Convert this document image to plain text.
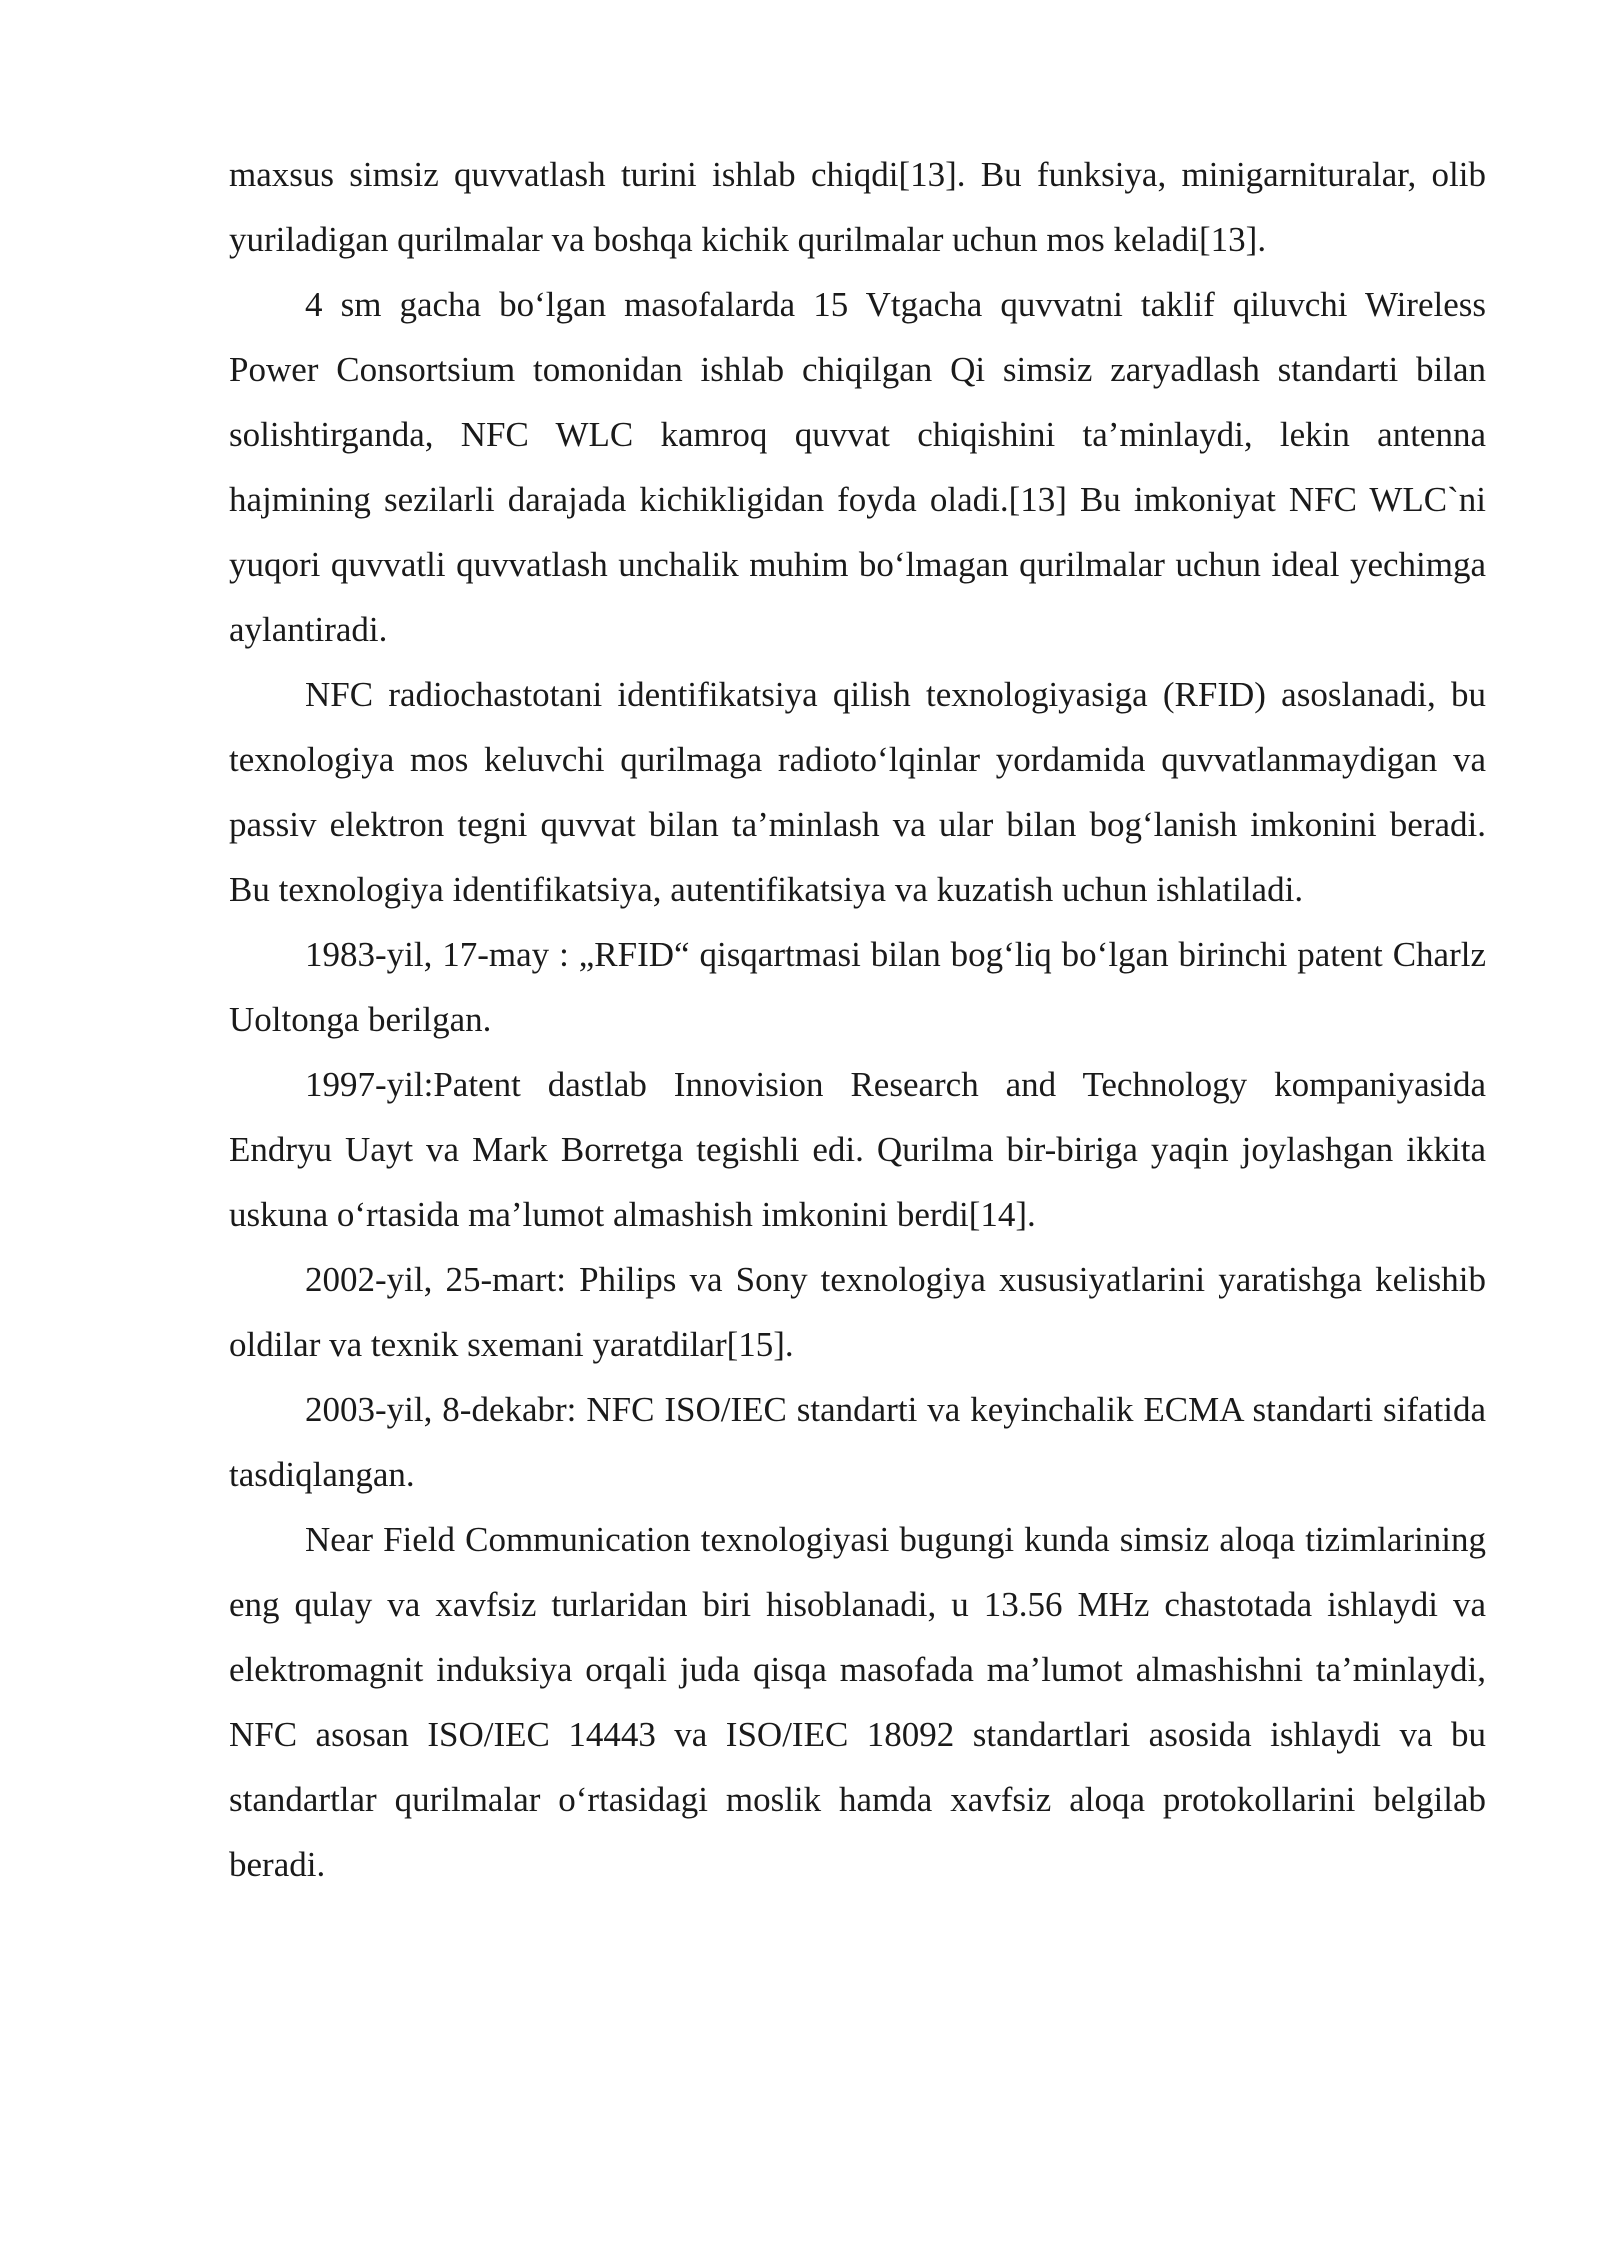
maxsus simsiz quvvatlash turini ishlab chiqdi[13]. Bu funksiya, minigarnituralar, olib yuriladigan qurilmalar va boshqa kichik qurilmalar uchun mos keladi[13].

4 sm gacha bo‘lgan masofalarda 15 Vtgacha quvvatni taklif qiluvchi Wireless Power Consortsium tomonidan ishlab chiqilgan Qi simsiz zaryadlash standarti bilan solishtirganda, NFC WLC kamroq quvvat chiqishini ta’minlaydi, lekin antenna hajmining sezilarli darajada kichikligidan foyda oladi.[13] Bu imkoniyat NFC WLC`ni yuqori quvvatli quvvatlash unchalik muhim bo‘lmagan qurilmalar uchun ideal yechimga aylantiradi.

NFC radiochastotani identifikatsiya qilish texnologiyasiga (RFID) asoslanadi, bu texnologiya mos keluvchi qurilmaga radioto‘lqinlar yordamida quvvatlanmaydigan va passiv elektron tegni quvvat bilan ta’minlash va ular bilan bog‘lanish imkonini beradi. Bu texnologiya identifikatsiya, autentifikatsiya va kuzatish uchun ishlatiladi.

1983-yil, 17-may : „RFID“ qisqartmasi bilan bog‘liq bo‘lgan birinchi patent Charlz Uoltonga berilgan.

1997-yil:Patent dastlab Innovision Research and Technology kompaniyasida Endryu Uayt va Mark Borretga tegishli edi. Qurilma bir-biriga yaqin joylashgan ikkita uskuna o‘rtasida ma’lumot almashish imkonini berdi[14].

2002-yil, 25-mart: Philips va Sony texnologiya xususiyatlarini yaratishga kelishib oldilar va texnik sxemani yaratdilar[15].

2003-yil, 8-dekabr: NFC ISO/IEC standarti va keyinchalik ECMA standarti sifatida tasdiqlangan.

Near Field Communication texnologiyasi bugungi kunda simsiz aloqa tizimlarining eng qulay va xavfsiz turlaridan biri hisoblanadi, u 13.56 MHz chastotada ishlaydi va elektromagnit induksiya orqali juda qisqa masofada ma’lumot almashishni ta’minlaydi, NFC asosan ISO/IEC 14443 va ISO/IEC 18092 standartlari asosida ishlaydi va bu standartlar qurilmalar o‘rtasidagi moslik hamda xavfsiz aloqa protokollarini belgilab beradi.
